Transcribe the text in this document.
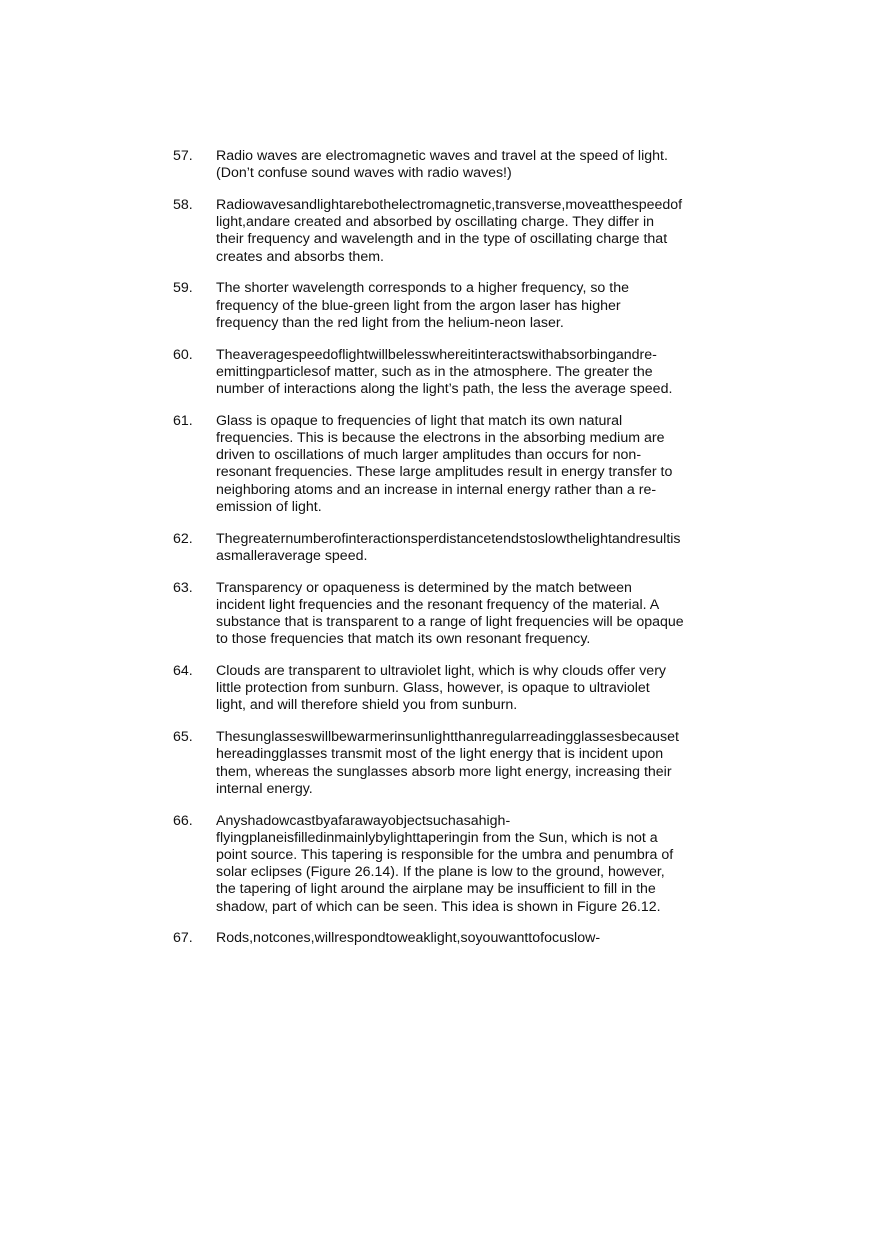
57.	Radio waves are electromagnetic waves and travel at the speed of light.
(Don’t confuse sound waves with radio waves!)
58.	Radiowavesandlightarebothelectromagnetic,transverse,moveatthespeedof
light,andare created and absorbed by oscillating charge. They differ in
their frequency and wavelength and in the type of oscillating charge that
creates and absorbs them.
59.	The shorter wavelength corresponds to a higher frequency, so the
frequency of the blue-green light from the argon laser has higher
frequency than the red light from the helium-neon laser.
60.	Theaveragespeedoflightwillbelesswhereitinteractswithabsorbingandre-
emittingparticlesof matter, such as in the atmosphere. The greater the
number of interactions along the light’s path, the less the average speed.
61.	Glass is opaque to frequencies of light that match its own natural
frequencies. This is because the electrons in the absorbing medium are
driven to oscillations of much larger amplitudes than occurs for non-
resonant frequencies. These large amplitudes result in energy transfer to
neighboring atoms and an increase in internal energy rather than a re-
emission of light.
62.	Thegreaternumberofinteractionsperdistancetendstoslowthelightandresultis
asmalleraverage speed.
63.	Transparency or opaqueness is determined by the match between
incident light frequencies and the resonant frequency of the material. A
substance that is transparent to a range of light frequencies will be opaque
to those frequencies that match its own resonant frequency.
64.	Clouds are transparent to ultraviolet light, which is why clouds offer very
little protection from sunburn. Glass, however, is opaque to ultraviolet
light, and will therefore shield you from sunburn.
65.	Thesunglasseswillbewarmerinsunlightthanregularreadingglassesbecauset
hereadingglasses transmit most of the light energy that is incident upon
them, whereas the sunglasses absorb more light energy, increasing their
internal energy.
66.	Anyshadowcastbyafarawayobjectsuchasahigh-
flyingplaneisfilledinmainlybylighttaperingin from the Sun, which is not a
point source. This tapering is responsible for the umbra and penumbra of
solar eclipses (Figure 26.14). If the plane is low to the ground, however,
the tapering of light around the airplane may be insufficient to fill in the
shadow, part of which can be seen. This idea is shown in Figure 26.12.
67.	Rods,notcones,willrespondtoweaklight,soyouwanttofocuslow-
